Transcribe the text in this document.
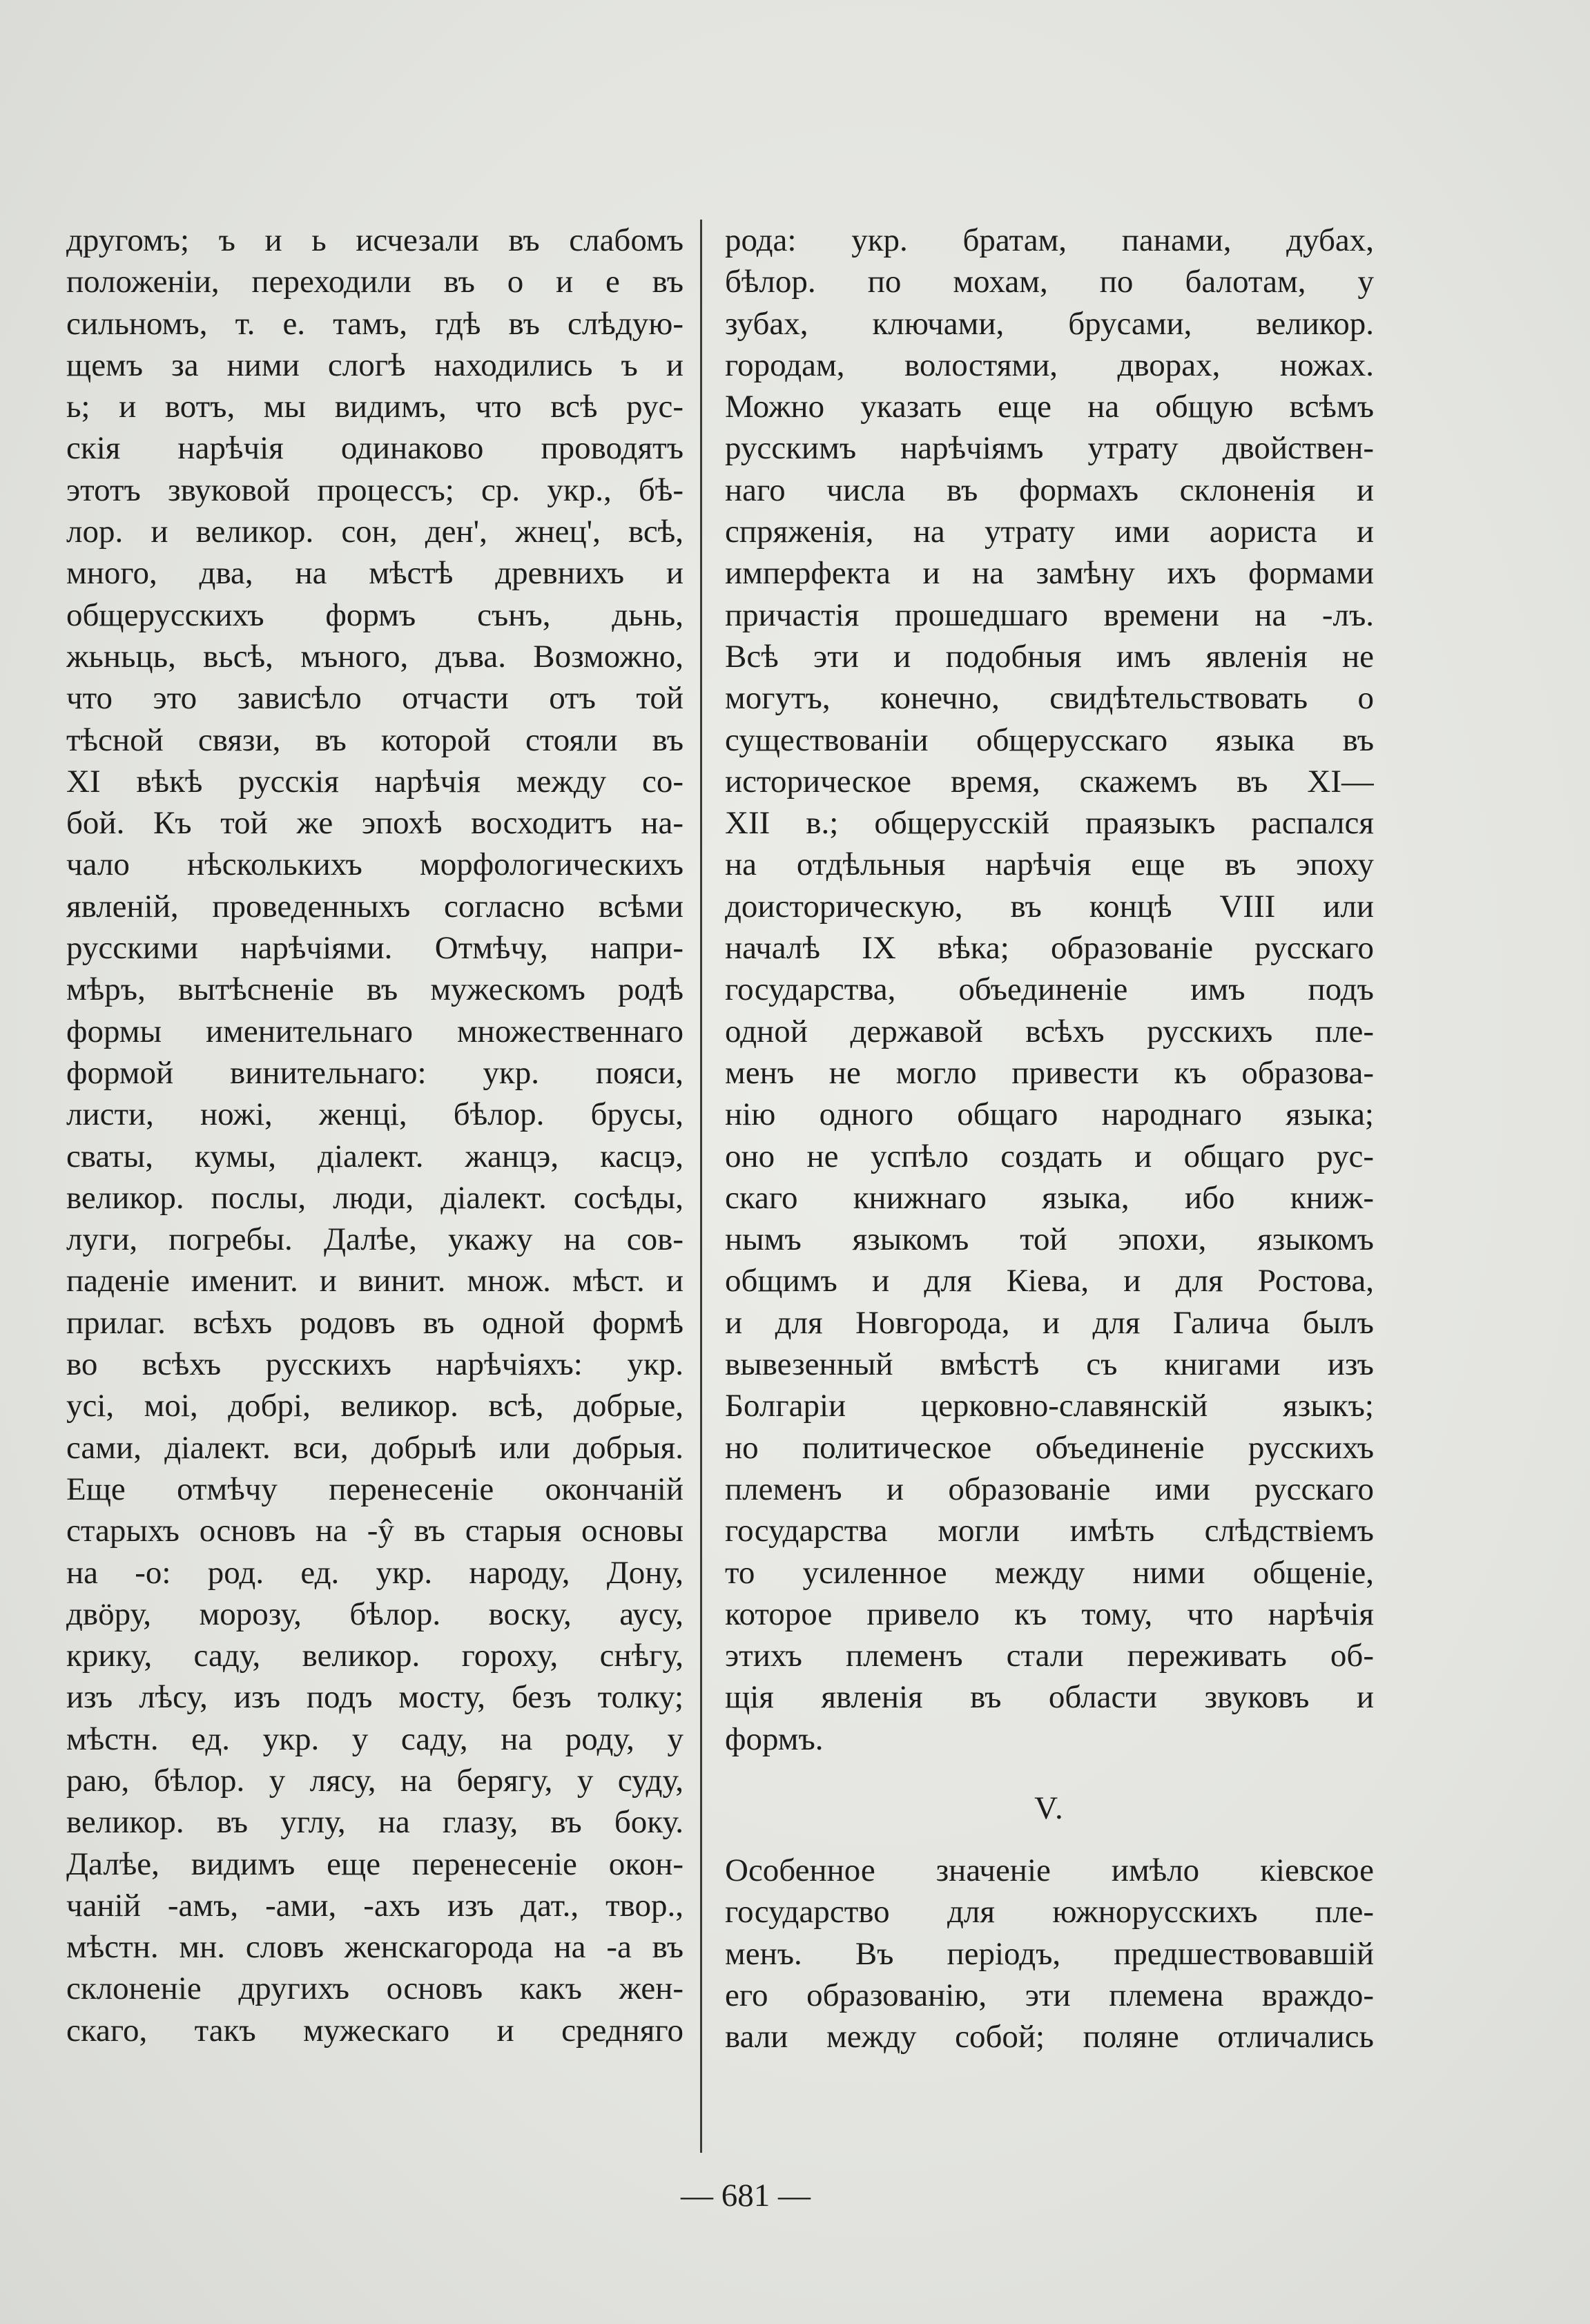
другомъ; ъ и ь исчезали въ слабомъ
положенiи, переходили въ о и е въ
сильномъ, т. е. тамъ, гдѣ въ слѣдую-
щемъ за ними слогѣ находились ъ и
ь; и вотъ, мы видимъ, что всѣ рус-
скiя нарѣчiя одинаково проводятъ
этотъ звуковой процессъ; ср. укр., бѣ-
лор. и великор. сон, ден', жнец', всѣ,
много, два, на мѣстѣ древнихъ и
общерусскихъ формъ сънъ, дьнь,
жьньць, вьсѣ, мъного, дъва. Возможно,
что это зависѣло отчасти отъ той
тѣсной связи, въ которой стояли въ
XI вѣкѣ русскiя нарѣчiя между со-
бой. Къ той же эпохѣ восходитъ на-
чало нѣсколькихъ морфологическихъ
явленiй, проведенныхъ согласно всѣми
русскими нарѣчiями. Отмѣчу, напри-
мѣръ, вытѣсненiе въ мужескомъ родѣ
формы именительнаго множественнаго
формой винительнаго: укр. пояси,
листи, ножi, женцi, бѣлор. брусы,
сваты, кумы, дiалект. жанцэ, касцэ,
великор. послы, люди, дiалект. сосѣды,
луги, погребы. Далѣе, укажу на сов-
паденiе именит. и винит. множ. мѣст. и
прилаг. всѣхъ родовъ въ одной формѣ
во всѣхъ русскихъ нарѣчiяхъ: укр.
усi, моi, добрi, великор. всѣ, добрые,
сами, дiалект. вси, добрыѣ или добрыя.
Еще отмѣчу перенесенiе окончанiй
старыхъ основъ на -ŷ въ старыя основы
на -о: род. ед. укр. народу, Дону,
двöру, морозу, бѣлор. воску, аусу,
крику, саду, великор. гороху, снѣгу,
изъ лѣсу, изъ подъ мосту, безъ толку;
мѣстн. ед. укр. у саду, на роду, у
раю, бѣлор. у лясу, на берягу, у суду,
великор. въ углу, на глазу, въ боку.
Далѣе, видимъ еще перенесенiе окон-
чанiй -амъ, -ами, -ахъ изъ дат., твор.,
мѣстн. мн. словъ женскагорода на -а въ
склоненiе другихъ основъ какъ жен-
скаго, такъ мужескаго и средняго
рода: укр. братам, панами, дубах,
бѣлор. по мохам, по балотам, у
зубах, ключами, брусами, великор.
городам, волостями, дворах, ножах.
Можно указать еще на общую всѣмъ
русскимъ нарѣчiямъ утрату двойствен-
наго числа въ формахъ склоненiя и
спряженiя, на утрату ими аориста и
имперфекта и на замѣну ихъ формами
причастiя прошедшаго времени на -лъ.
Всѣ эти и подобныя имъ явленiя не
могутъ, конечно, свидѣтельствовать о
существованiи общерусскаго языка въ
историческое время, скажемъ въ XI—
XII в.; общерусскiй праязыкъ распался
на отдѣльныя нарѣчiя еще въ эпоху
доисторическую, въ концѣ VIII или
началѣ IX вѣка; образованiе русскаго
государства, объединенiе имъ подъ
одной державой всѣхъ русскихъ пле-
менъ не могло привести къ образова-
нiю одного общаго народнаго языка;
оно не успѣло создать и общаго рус-
скаго книжнаго языка, ибо книж-
нымъ языкомъ той эпохи, языкомъ
общимъ и для Кiева, и для Ростова,
и для Новгорода, и для Галича былъ
вывезенный вмѣстѣ съ книгами изъ
Болгарiи церковно-славянскiй языкъ;
но политическое объединенiе русскихъ
племенъ и образованiе ими русскаго
государства могли имѣть слѣдствiемъ
то усиленное между ними общенiе,
которое привело къ тому, что нарѣчiя
этихъ племенъ стали переживать об-
щiя явленiя въ области звуковъ и
формъ.
V.
Особенное значенiе имѣло кiевское
государство для южнорусскихъ пле-
менъ. Въ перiодъ, предшествовавшiй
его образованiю, эти племена враждо-
вали между собой; поляне отличались
— 681 —
